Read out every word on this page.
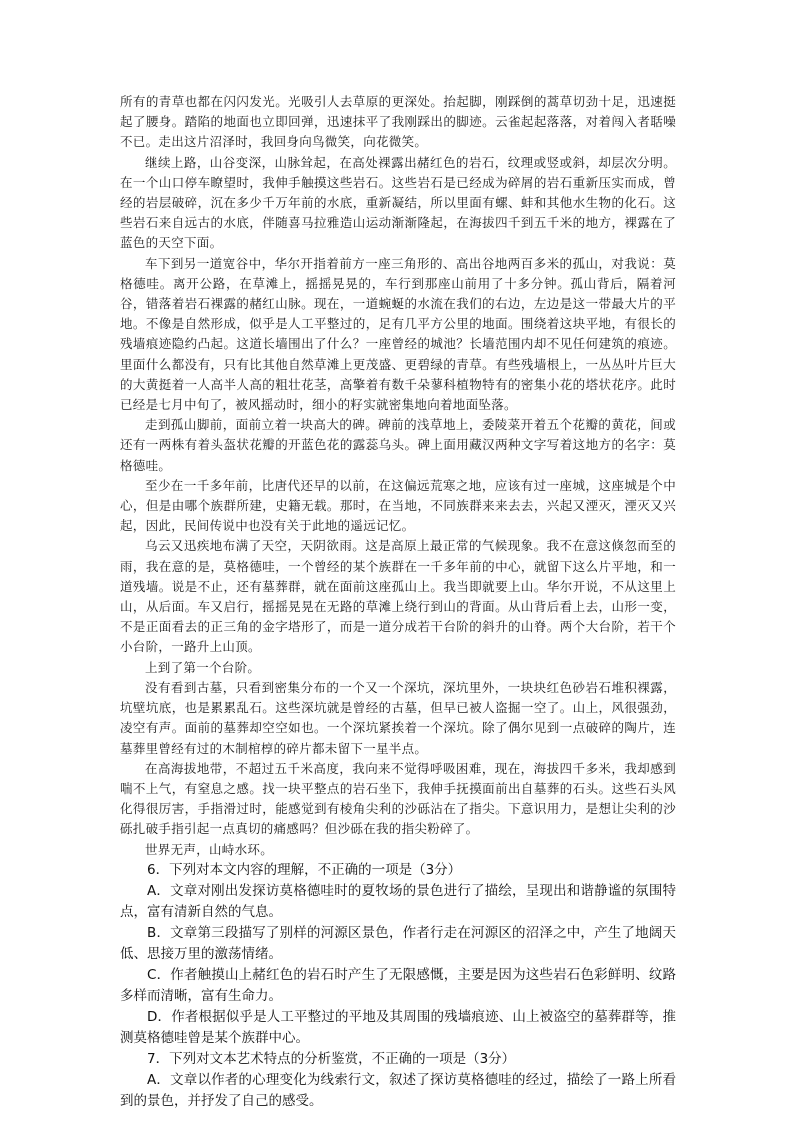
所有的青草也都在闪闪发光。光吸引人去草原的更深处。抬起脚，刚踩倒的蒿草切劲十足，迅速挺起了腰身。踏陷的地面也立即回弹，迅速抹平了我刚踩出的脚迹。云雀起起落落，对着闯入者聒噪不已。走出这片沼泽时，我回身向鸟微笑，向花微笑。

继续上路，山谷变深，山脉耸起，在高处裸露出赭红色的岩石，纹理或竖或斜，却层次分明。在一个山口停车瞭望时，我伸手触摸这些岩石。这些岩石是已经成为碎屑的岩石重新压实而成，曾经的岩层破碎，沉在多少千万年前的水底，重新凝结，所以里面有螺、蚌和其他水生物的化石。这些岩石来自远古的水底，伴随喜马拉雅造山运动渐渐隆起，在海拔四千到五千米的地方，裸露在了蓝色的天空下面。

车下到另一道宽谷中，华尔开指着前方一座三角形的、高出谷地两百多米的孤山，对我说：莫格德哇。离开公路，在草滩上，摇摇晃晃的，车行到那座山前用了十多分钟。孤山背后，隔着河谷，错落着岩石裸露的赭红山脉。现在，一道蜿蜒的水流在我们的右边，左边是这一带最大片的平地。不像是自然形成，似乎是人工平整过的，足有几平方公里的地面。围绕着这块平地，有很长的残墙痕迹隐约凸起。这道长墙围出了什么？一座曾经的城池？长墙范围内却不见任何建筑的痕迹。里面什么都没有，只有比其他自然草滩上更茂盛、更碧绿的青草。有些残墙根上，一丛丛叶片巨大的大黄挺着一人高半人高的粗壮花茎，高擎着有数千朵蓼科植物特有的密集小花的塔状花序。此时已经是七月中旬了，被风摇动时，细小的籽实就密集地向着地面坠落。

走到孤山脚前，面前立着一块高大的碑。碑前的浅草地上，委陵菜开着五个花瓣的黄花，间或还有一两株有着头盔状花瓣的开蓝色花的露蕊乌头。碑上面用藏汉两种文字写着这地方的名字：莫格德哇。

至少在一千多年前，比唐代还早的以前，在这偏远荒寒之地，应该有过一座城，这座城是个中心，但是由哪个族群所建，史籍无载。那时，在当地，不同族群来来去去，兴起又湮灭，湮灭又兴起，因此，民间传说中也没有关于此地的遥远记忆。

乌云又迅疾地布满了天空，天阴欲雨。这是高原上最正常的气候现象。我不在意这倏忽而至的雨，我在意的是，莫格德哇，一个曾经的某个族群在一千多年前的中心，就留下这么片平地，和一道残墙。说是不止，还有墓葬群，就在面前这座孤山上。我当即就要上山。华尔开说，不从这里上山，从后面。车又启行，摇摇晃晃在无路的草滩上绕行到山的背面。从山背后看上去，山形一变，不是正面看去的正三角的金字塔形了，而是一道分成若干台阶的斜升的山脊。两个大台阶，若干个小台阶，一路升上山顶。

上到了第一个台阶。

没有看到古墓，只看到密集分布的一个又一个深坑，深坑里外，一块块红色砂岩石堆积裸露，坑壁坑底，也是累累乱石。这些深坑就是曾经的古墓，但早已被人盗掘一空了。山上，风很强劲，凌空有声。面前的墓葬却空空如也。一个深坑紧挨着一个深坑。除了偶尔见到一点破碎的陶片，连墓葬里曾经有过的木制棺椁的碎片都未留下一星半点。

在高海拔地带，不超过五千米高度，我向来不觉得呼吸困难，现在，海拔四千多米，我却感到喘不上气，有窒息之感。找一块平整点的岩石坐下，我伸手抚摸面前出自墓葬的石头。这些石头风化得很厉害，手指滑过时，能感觉到有棱角尖利的沙砾沾在了指尖。下意识用力，是想让尖利的沙砾扎破手指引起一点真切的痛感吗？但沙砾在我的指尖粉碎了。

世界无声，山峙水环。

6．下列对本文内容的理解，不正确的一项是（3分）

A．文章对刚出发探访莫格德哇时的夏牧场的景色进行了描绘，呈现出和谐静谧的氛围特点，富有清新自然的气息。

B．文章第三段描写了别样的河源区景色，作者行走在河源区的沼泽之中，产生了地阔天低、思接万里的激荡情绪。

C．作者触摸山上赭红色的岩石时产生了无限感慨，主要是因为这些岩石色彩鲜明、纹路多样而清晰，富有生命力。

D．作者根据似乎是人工平整过的平地及其周围的残墙痕迹、山上被盗空的墓葬群等，推测莫格德哇曾是某个族群中心。

7．下列对文本艺术特点的分析鉴赏，不正确的一项是（3分）

A．文章以作者的心理变化为线索行文，叙述了探访莫格德哇的经过，描绘了一路上所看到的景色，并抒发了自己的感受。
